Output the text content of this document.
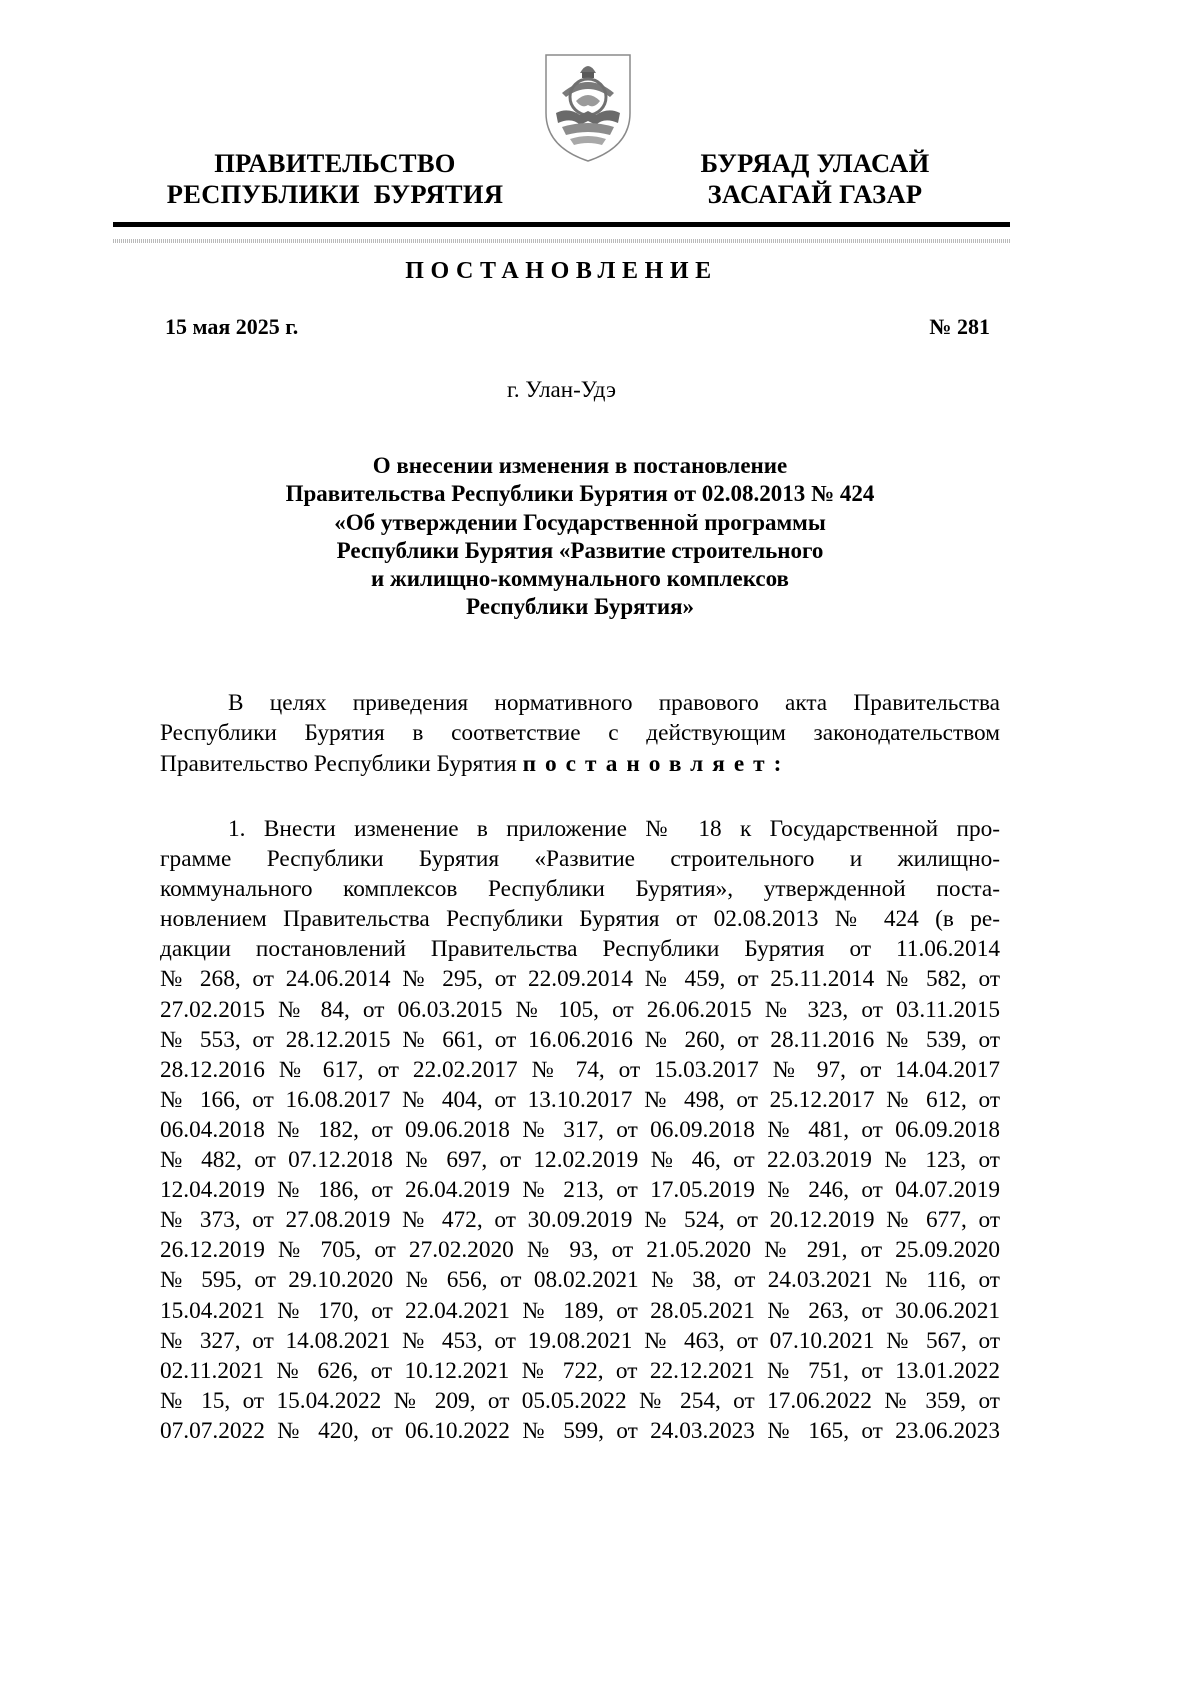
ПРАВИТЕЛЬСТВО
РЕСПУБЛИКИ  БУРЯТИЯ
БУРЯАД УЛАСАЙ
ЗАСАГАЙ ГАЗАР
ПОСТАНОВЛЕНИЕ
15 мая 2025 г.	№ 281
г. Улан-Удэ
О внесении изменения в постановление
Правительства Республики Бурятия от 02.08.2013 № 424
«Об утверждении Государственной программы
Республики Бурятия «Развитие строительного
и жилищно-коммунального комплексов
Республики Бурятия»
В целях приведения нормативного правового акта Правительства
Республики Бурятия в соответствие с действующим законодательством
Правительство Республики Бурятия постановляет:
1. Внести изменение в приложение № 18 к Государственной про-
грамме Республики Бурятия «Развитие строительного и жилищно-
коммунального комплексов Республики Бурятия», утвержденной поста-
новлением Правительства Республики Бурятия от 02.08.2013 № 424 (в ре-
дакции постановлений Правительства Республики Бурятия от 11.06.2014
№ 268, от 24.06.2014 № 295, от 22.09.2014 № 459, от 25.11.2014 № 582, от
27.02.2015 № 84, от 06.03.2015 № 105, от 26.06.2015 № 323, от 03.11.2015
№ 553, от 28.12.2015 № 661, от 16.06.2016 № 260, от 28.11.2016 № 539, от
28.12.2016 № 617, от 22.02.2017 № 74, от 15.03.2017 № 97, от 14.04.2017
№ 166, от 16.08.2017 № 404, от 13.10.2017 № 498, от 25.12.2017 № 612, от
06.04.2018 № 182, от 09.06.2018 № 317, от 06.09.2018 № 481, от 06.09.2018
№ 482, от 07.12.2018 № 697, от 12.02.2019 № 46, от 22.03.2019 № 123, от
12.04.2019 № 186, от 26.04.2019 № 213, от 17.05.2019 № 246, от 04.07.2019
№ 373, от 27.08.2019 № 472, от 30.09.2019 № 524, от 20.12.2019 № 677, от
26.12.2019 № 705, от 27.02.2020 № 93, от 21.05.2020 № 291, от 25.09.2020
№ 595, от 29.10.2020 № 656, от 08.02.2021 № 38, от 24.03.2021 № 116, от
15.04.2021 № 170, от 22.04.2021 № 189, от 28.05.2021 № 263, от 30.06.2021
№ 327, от 14.08.2021 № 453, от 19.08.2021 № 463, от 07.10.2021 № 567, от
02.11.2021 № 626, от 10.12.2021 № 722, от 22.12.2021 № 751, от 13.01.2022
№ 15, от 15.04.2022 № 209, от 05.05.2022 № 254, от 17.06.2022 № 359, от
07.07.2022 № 420, от 06.10.2022 № 599, от 24.03.2023 № 165, от 23.06.2023
